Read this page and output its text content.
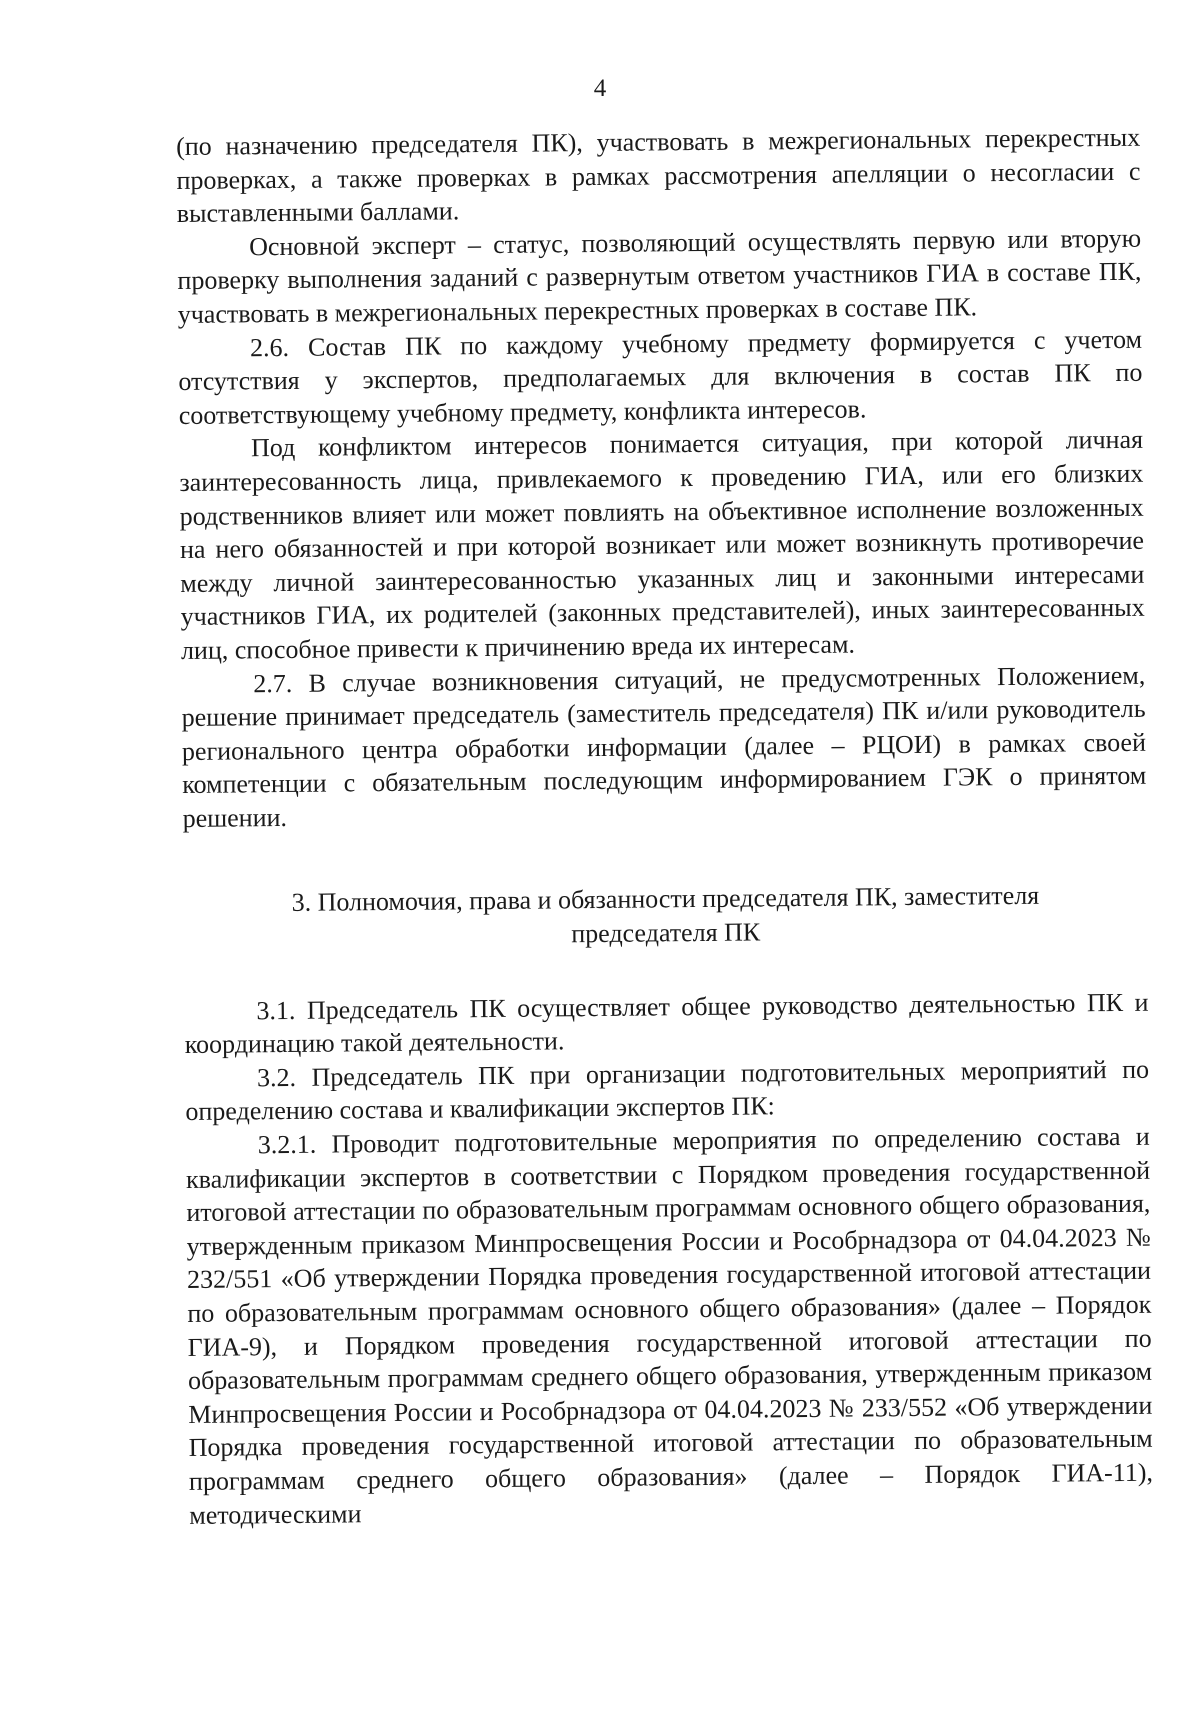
4

(по назначению председателя ПК), участвовать в межрегиональных перекрестных проверках, а также проверках в рамках рассмотрения апелляции о несогласии с выставленными баллами.

Основной эксперт – статус, позволяющий осуществлять первую или вторую проверку выполнения заданий с развернутым ответом участников ГИА в составе ПК, участвовать в межрегиональных перекрестных проверках в составе ПК.

2.6. Состав ПК по каждому учебному предмету формируется с учетом отсутствия у экспертов, предполагаемых для включения в состав ПК по соответствующему учебному предмету, конфликта интересов.

Под конфликтом интересов понимается ситуация, при которой личная заинтересованность лица, привлекаемого к проведению ГИА, или его близких родственников влияет или может повлиять на объективное исполнение возложенных на него обязанностей и при которой возникает или может возникнуть противоречие между личной заинтересованностью указанных лиц и законными интересами участников ГИА, их родителей (законных представителей), иных заинтересованных лиц, способное привести к причинению вреда их интересам.

2.7. В случае возникновения ситуаций, не предусмотренных Положением, решение принимает председатель (заместитель председателя) ПК и/или руководитель регионального центра обработки информации (далее – РЦОИ) в рамках своей компетенции с обязательным последующим информированием ГЭК о принятом решении.

3. Полномочия, права и обязанности председателя ПК, заместителя
председателя ПК

3.1. Председатель ПК осуществляет общее руководство деятельностью ПК и координацию такой деятельности.

3.2. Председатель ПК при организации подготовительных мероприятий по определению состава и квалификации экспертов ПК:

3.2.1. Проводит подготовительные мероприятия по определению состава и квалификации экспертов в соответствии с Порядком проведения государственной итоговой аттестации по образовательным программам основного общего образования, утвержденным приказом Минпросвещения России и Рособрнадзора от 04.04.2023 № 232/551 «Об утверждении Порядка проведения государственной итоговой аттестации по образовательным программам основного общего образования» (далее – Порядок ГИА-9), и Порядком проведения государственной итоговой аттестации по образовательным программам среднего общего образования, утвержденным приказом Минпросвещения России и Рособрнадзора от 04.04.2023 № 233/552 «Об утверждении Порядка проведения государственной итоговой аттестации по образовательным программам среднего общего образования» (далее – Порядок ГИА-11), методическими
